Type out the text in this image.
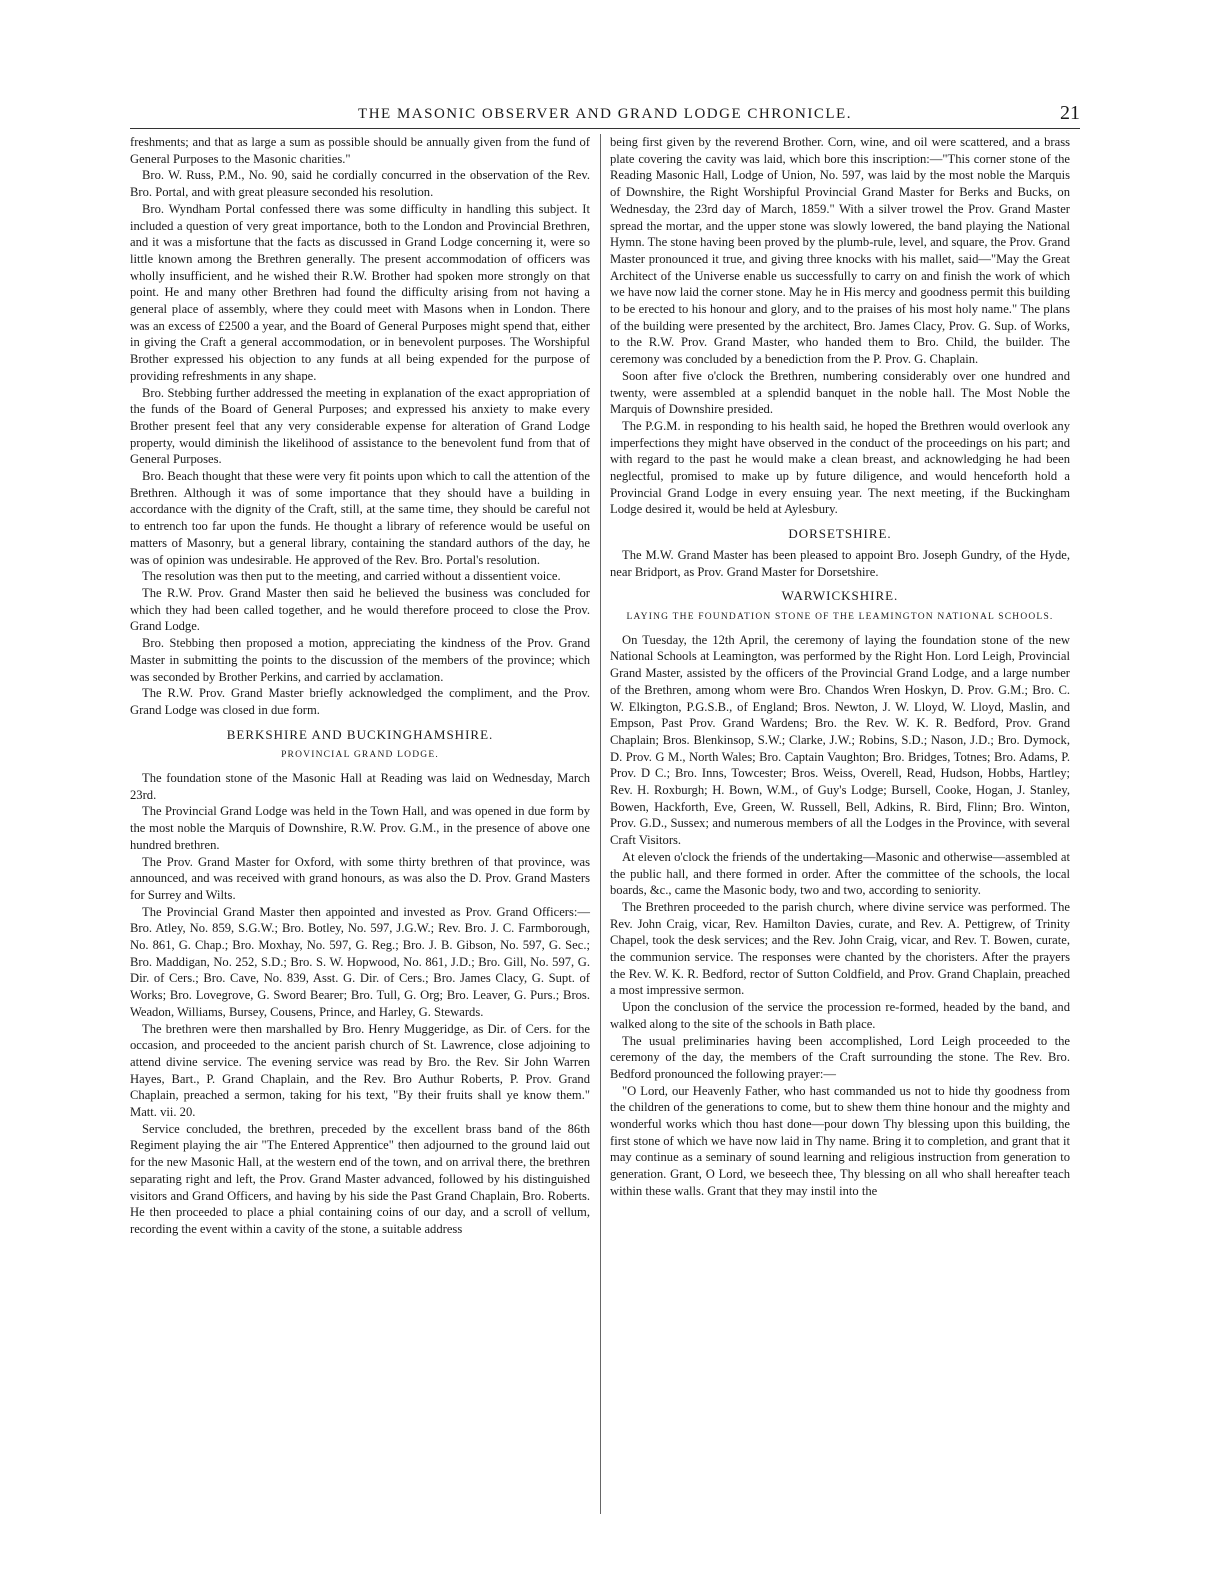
THE MASONIC OBSERVER AND GRAND LODGE CHRONICLE.	21

freshments; and that as large a sum as possible should be annually given from the fund of General Purposes to the Masonic charities."

Bro. W. Russ, P.M., No. 90, said he cordially concurred in the observation of the Rev. Bro. Portal, and with great pleasure seconded his resolution.

Bro. Wyndham Portal confessed there was some difficulty in handling this subject. It included a question of very great importance, both to the London and Provincial Brethren, and it was a misfortune that the facts as discussed in Grand Lodge concerning it, were so little known among the Brethren generally. The present accommodation of officers was wholly insufficient, and he wished their R.W. Brother had spoken more strongly on that point. He and many other Brethren had found the difficulty arising from not having a general place of assembly, where they could meet with Masons when in London. There was an excess of £2500 a year, and the Board of General Purposes might spend that, either in giving the Craft a general accommodation, or in benevolent purposes. The Worshipful Brother expressed his objection to any funds at all being expended for the purpose of providing refreshments in any shape.

Bro. Stebbing further addressed the meeting in explanation of the exact appropriation of the funds of the Board of General Purposes; and expressed his anxiety to make every Brother present feel that any very considerable expense for alteration of Grand Lodge property, would diminish the likelihood of assistance to the benevolent fund from that of General Purposes.

Bro. Beach thought that these were very fit points upon which to call the attention of the Brethren. Although it was of some importance that they should have a building in accordance with the dignity of the Craft, still, at the same time, they should be careful not to entrench too far upon the funds. He thought a library of reference would be useful on matters of Masonry, but a general library, containing the standard authors of the day, he was of opinion was undesirable. He approved of the Rev. Bro. Portal's resolution.

The resolution was then put to the meeting, and carried without a dissentient voice.

The R.W. Prov. Grand Master then said he believed the business was concluded for which they had been called together, and he would therefore proceed to close the Prov. Grand Lodge.

Bro. Stebbing then proposed a motion, appreciating the kindness of the Prov. Grand Master in submitting the points to the discussion of the members of the province; which was seconded by Brother Perkins, and carried by acclamation.

The R.W. Prov. Grand Master briefly acknowledged the compliment, and the Prov. Grand Lodge was closed in due form.

BERKSHIRE AND BUCKINGHAMSHIRE.
PROVINCIAL GRAND LODGE.

The foundation stone of the Masonic Hall at Reading was laid on Wednesday, March 23rd.

The Provincial Grand Lodge was held in the Town Hall, and was opened in due form by the most noble the Marquis of Downshire, R.W. Prov. G.M., in the presence of above one hundred brethren.

The Prov. Grand Master for Oxford, with some thirty brethren of that province, was announced, and was received with grand honours, as was also the D. Prov. Grand Masters for Surrey and Wilts.

The Provincial Grand Master then appointed and invested as Prov. Grand Officers:—Bro. Atley, No. 859, S.G.W.; Bro. Botley, No. 597, J.G.W.; Rev. Bro. J. C. Farmborough, No. 861, G. Chap.; Bro. Moxhay, No. 597, G. Reg.; Bro. J. B. Gibson, No. 597, G. Sec.; Bro. Maddigan, No. 252, S.D.; Bro. S. W. Hopwood, No. 861, J.D.; Bro. Gill, No. 597, G. Dir. of Cers.; Bro. Cave, No. 839, Asst. G. Dir. of Cers.; Bro. James Clacy, G. Supt. of Works; Bro. Lovegrove, G. Sword Bearer; Bro. Tull, G. Org; Bro. Leaver, G. Purs.; Bros. Weadon, Williams, Bursey, Cousens, Prince, and Harley, G. Stewards.

The brethren were then marshalled by Bro. Henry Muggeridge, as Dir. of Cers. for the occasion, and proceeded to the ancient parish church of St. Lawrence, close adjoining to attend divine service. The evening service was read by Bro. the Rev. Sir John Warren Hayes, Bart., P. Grand Chaplain, and the Rev. Bro Authur Roberts, P. Prov. Grand Chaplain, preached a sermon, taking for his text, "By their fruits shall ye know them." Matt. vii. 20.

Service concluded, the brethren, preceded by the excellent brass band of the 86th Regiment playing the air "The Entered Apprentice" then adjourned to the ground laid out for the new Masonic Hall, at the western end of the town, and on arrival there, the brethren separating right and left, the Prov. Grand Master advanced, followed by his distinguished visitors and Grand Officers, and having by his side the Past Grand Chaplain, Bro. Roberts. He then proceeded to place a phial containing coins of our day, and a scroll of vellum, recording the event within a cavity of the stone, a suitable address

being first given by the reverend Brother. Corn, wine, and oil were scattered, and a brass plate covering the cavity was laid, which bore this inscription:—"This corner stone of the Reading Masonic Hall, Lodge of Union, No. 597, was laid by the most noble the Marquis of Downshire, the Right Worshipful Provincial Grand Master for Berks and Bucks, on Wednesday, the 23rd day of March, 1859." With a silver trowel the Prov. Grand Master spread the mortar, and the upper stone was slowly lowered, the band playing the National Hymn. The stone having been proved by the plumb-rule, level, and square, the Prov. Grand Master pronounced it true, and giving three knocks with his mallet, said—"May the Great Architect of the Universe enable us successfully to carry on and finish the work of which we have now laid the corner stone. May he in His mercy and goodness permit this building to be erected to his honour and glory, and to the praises of his most holy name." The plans of the building were presented by the architect, Bro. James Clacy, Prov. G. Sup. of Works, to the R.W. Prov. Grand Master, who handed them to Bro. Child, the builder. The ceremony was concluded by a benediction from the P. Prov. G. Chaplain.

Soon after five o'clock the Brethren, numbering considerably over one hundred and twenty, were assembled at a splendid banquet in the noble hall. The Most Noble the Marquis of Downshire presided.

The P.G.M. in responding to his health said, he hoped the Brethren would overlook any imperfections they might have observed in the conduct of the proceedings on his part; and with regard to the past he would make a clean breast, and acknowledging he had been neglectful, promised to make up by future diligence, and would henceforth hold a Provincial Grand Lodge in every ensuing year. The next meeting, if the Buckingham Lodge desired it, would be held at Aylesbury.

DORSETSHIRE.

The M.W. Grand Master has been pleased to appoint Bro. Joseph Gundry, of the Hyde, near Bridport, as Prov. Grand Master for Dorsetshire.

WARWICKSHIRE.
LAYING THE FOUNDATION STONE OF THE LEAMINGTON NATIONAL SCHOOLS.

On Tuesday, the 12th April, the ceremony of laying the foundation stone of the new National Schools at Leamington, was performed by the Right Hon. Lord Leigh, Provincial Grand Master, assisted by the officers of the Provincial Grand Lodge, and a large number of the Brethren, among whom were Bro. Chandos Wren Hoskyn, D. Prov. G.M.; Bro. C. W. Elkington, P.G.S.B., of England; Bros. Newton, J. W. Lloyd, W. Lloyd, Maslin, and Empson, Past Prov. Grand Wardens; Bro. the Rev. W. K. R. Bedford, Prov. Grand Chaplain; Bros. Blenkinsop, S.W.; Clarke, J.W.; Robins, S.D.; Nason, J.D.; Bro. Dymock, D. Prov. G M., North Wales; Bro. Captain Vaughton; Bro. Bridges, Totnes; Bro. Adams, P. Prov. D C.; Bro. Inns, Towcester; Bros. Weiss, Overell, Read, Hudson, Hobbs, Hartley; Rev. H. Roxburgh; H. Bown, W.M., of Guy's Lodge; Bursell, Cooke, Hogan, J. Stanley, Bowen, Hackforth, Eve, Green, W. Russell, Bell, Adkins, R. Bird, Flinn; Bro. Winton, Prov. G.D., Sussex; and numerous members of all the Lodges in the Province, with several Craft Visitors.

At eleven o'clock the friends of the undertaking—Masonic and otherwise—assembled at the public hall, and there formed in order. After the committee of the schools, the local boards, &c., came the Masonic body, two and two, according to seniority.

The Brethren proceeded to the parish church, where divine service was performed. The Rev. John Craig, vicar, Rev. Hamilton Davies, curate, and Rev. A. Pettigrew, of Trinity Chapel, took the desk services; and the Rev. John Craig, vicar, and Rev. T. Bowen, curate, the communion service. The responses were chanted by the choristers. After the prayers the Rev. W. K. R. Bedford, rector of Sutton Coldfield, and Prov. Grand Chaplain, preached a most impressive sermon.

Upon the conclusion of the service the procession re-formed, headed by the band, and walked along to the site of the schools in Bath place.

The usual preliminaries having been accomplished, Lord Leigh proceeded to the ceremony of the day, the members of the Craft surrounding the stone. The Rev. Bro. Bedford pronounced the following prayer:—

"O Lord, our Heavenly Father, who hast commanded us not to hide thy goodness from the children of the generations to come, but to shew them thine honour and the mighty and wonderful works which thou hast done—pour down Thy blessing upon this building, the first stone of which we have now laid in Thy name. Bring it to completion, and grant that it may continue as a seminary of sound learning and religious instruction from generation to generation. Grant, O Lord, we beseech thee, Thy blessing on all who shall hereafter teach within these walls. Grant that they may instil into the
